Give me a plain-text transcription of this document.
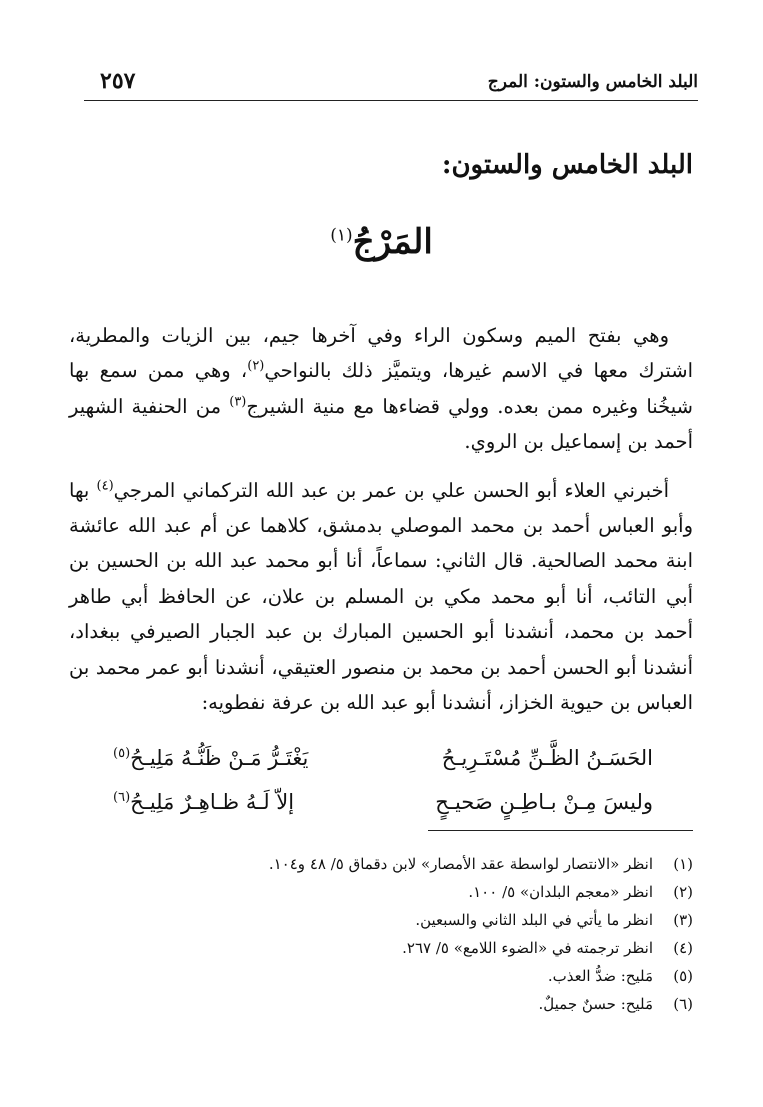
البلد الخامس والستون: المرج
٢٥٧
البلد الخامس والستون:
المَرْجُ$^{(١)}$

وهي بفتح الميم وسكون الراء وفي آخرها جيم، بين الزيات والمطرية، اشترك معها في الاسم غيرها، ويتميَّز ذلك بالنواحي$^{(٢)}$، وهي ممن سمع بها شيخُنا وغيره ممن بعده. وولي قضاءها مع منية الشيرج$^{(٣)}$ من الحنفية الشهير أحمد بن إسماعيل بن الروي.

أخبرني العلاء أبو الحسن علي بن عمر بن عبد الله التركماني المرجي$^{(٤)}$ بها وأبو العباس أحمد بن محمد الموصلي بدمشق، كلاهما عن أم عبد الله عائشة ابنة محمد الصالحية. قال الثاني: سماعاً، أنا أبو محمد عبد الله بن الحسين بن أبي التائب، أنا أبو محمد مكي بن المسلم بن علان، عن الحافظ أبي طاهر أحمد بن محمد، أنشدنا أبو الحسين المبارك بن عبد الجبار الصيرفي ببغداد، أنشدنا أبو الحسن أحمد بن محمد بن منصور العتيقي، أنشدنا أبو عمر محمد بن العباس بن حيوية الخزاز، أنشدنا أبو عبد الله بن عرفة نفطويه:

الحَسَـنُ الظَّـنِّ مُسْتَـرِيـحُ
يَغْتَـرُّ مَـنْ ظَنُّـهُ مَلِيـحُ$^{(٥)}$
وليسَ مِـنْ بـاطِـنٍ صَحيـحٍ
إلاّ لَـهُ ظـاهِـرٌ مَلِيـحُ$^{(٦)}$
(١)انظر «الانتصار لواسطة عقد الأمصار» لابن دقماق ٥/ ٤٨ و١٠٤.
(٢)انظر «معجم البلدان» ٥/ ١٠٠.
(٣)انظر ما يأتي في البلد الثاني والسبعين.
(٤)انظر ترجمته في «الضوء اللامع» ٥/ ٢٦٧.
(٥)مَليح: ضدُّ العذب.
(٦)مَليح: حسنٌ جميلٌ.
